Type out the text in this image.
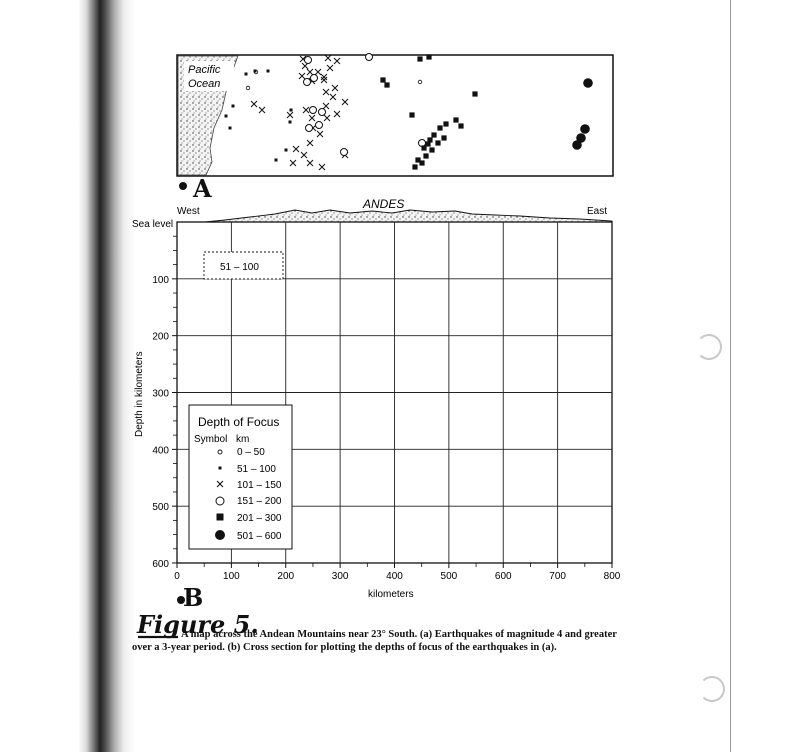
Pacific
Ocean
A
West	East
ANDES
Sea level
100
200
300
400
500
600
0	100	200	300	400	500	600	700	800
Depth in kilometers
kilometers
51 – 100
Depth of Focus
Symbol km
0 – 50
51 – 100
101 – 150
151 – 200
201 – 300
501 – 600
B
Figure 5.
A map across the Andean Mountains near 23° South. (a) Earthquakes of magnitude 4 and greater
over a 3-year period. (b) Cross section for plotting the depths of focus of the earthquakes in (a).
